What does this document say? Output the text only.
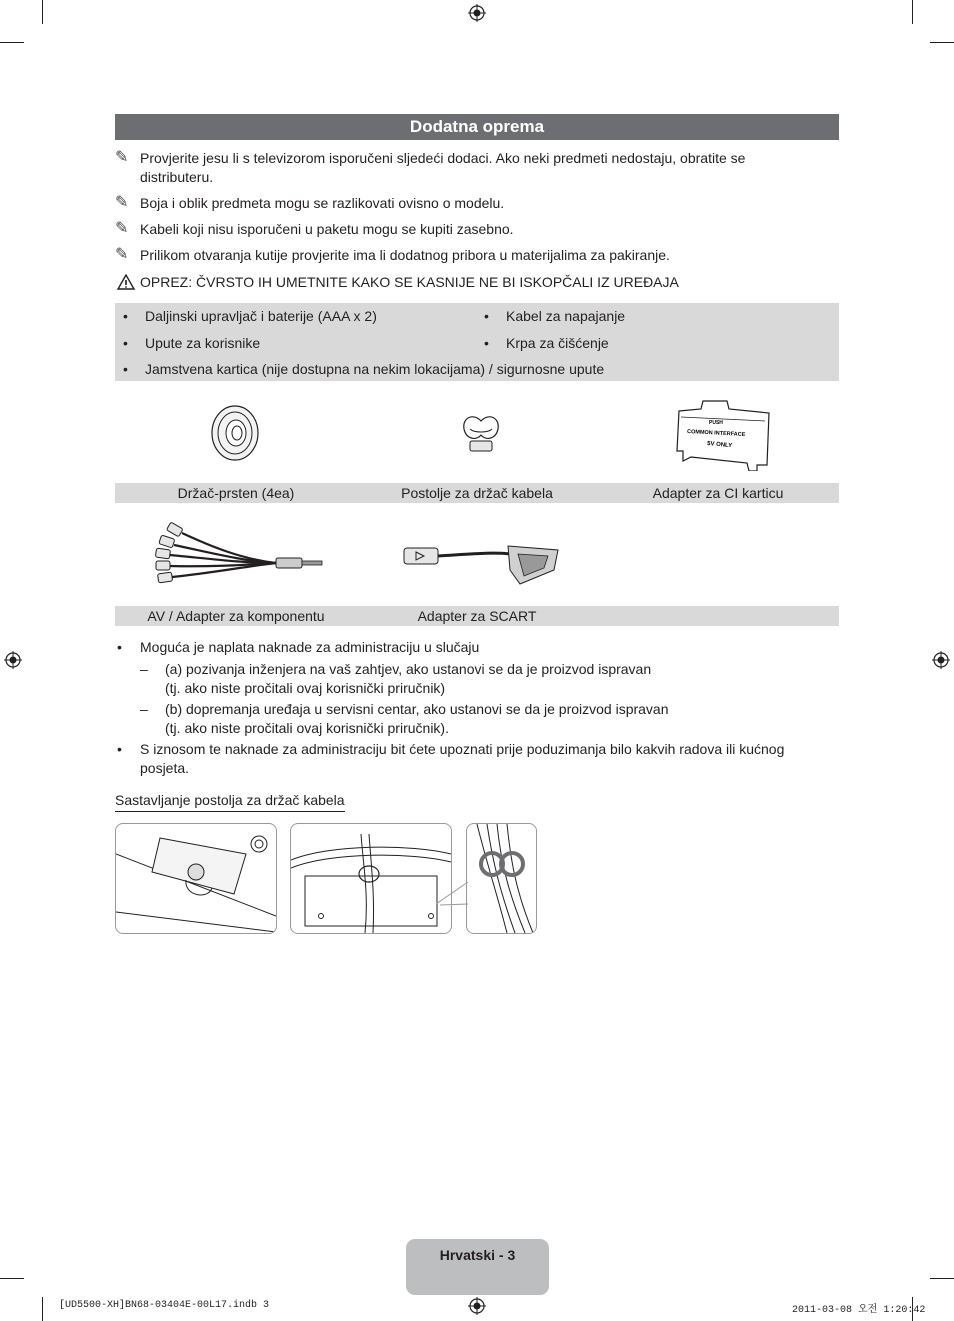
Dodatna oprema
✎ Provjerite jesu li s televizorom isporučeni sljedeći dodaci. Ako neki predmeti nedostaju, obratite se distributeru.
✎ Boja i oblik predmeta mogu se razlikovati ovisno o modelu.
✎ Kabeli koji nisu isporučeni u paketu mogu se kupiti zasebno.
✎ Prilikom otvaranja kutije provjerite ima li dodatnog pribora u materijalima za pakiranje.
OPREZ: ČVRSTO IH UMETNITE KAKO SE KASNIJE NE BI ISKOPČALI IZ UREĐAJA
• Daljinski upravljač i baterije (AAA x 2)	• Kabel za napajanje
• Upute za korisnike	• Krpa za čišćenje
• Jamstvena kartica (nije dostupna na nekim lokacijama) / sigurnosne upute
PUSH
COMMON INTERFACE
5V ONLY
Držač-prsten (4ea)	Postolje za držač kabela	Adapter za CI karticu
AV / Adapter za komponentu	Adapter za SCART
• Moguća je naplata naknade za administraciju u slučaju
– (a) pozivanja inženjera na vaš zahtjev, ako ustanovi se da je proizvod ispravan
(tj. ako niste pročitali ovaj korisnički priručnik)
– (b) dopremanja uređaja u servisni centar, ako ustanovi se da je proizvod ispravan
(tj. ako niste pročitali ovaj korisnički priručnik).
• S iznosom te naknade za administraciju bit ćete upoznati prije poduzimanja bilo kakvih radova ili kućnog
posjeta.
Sastavljanje postolja za držač kabela
Hrvatski - 3
[UD5500-XH]BN68-03404E-00L17.indb 3	2011-03-08 오전 1:20:42
